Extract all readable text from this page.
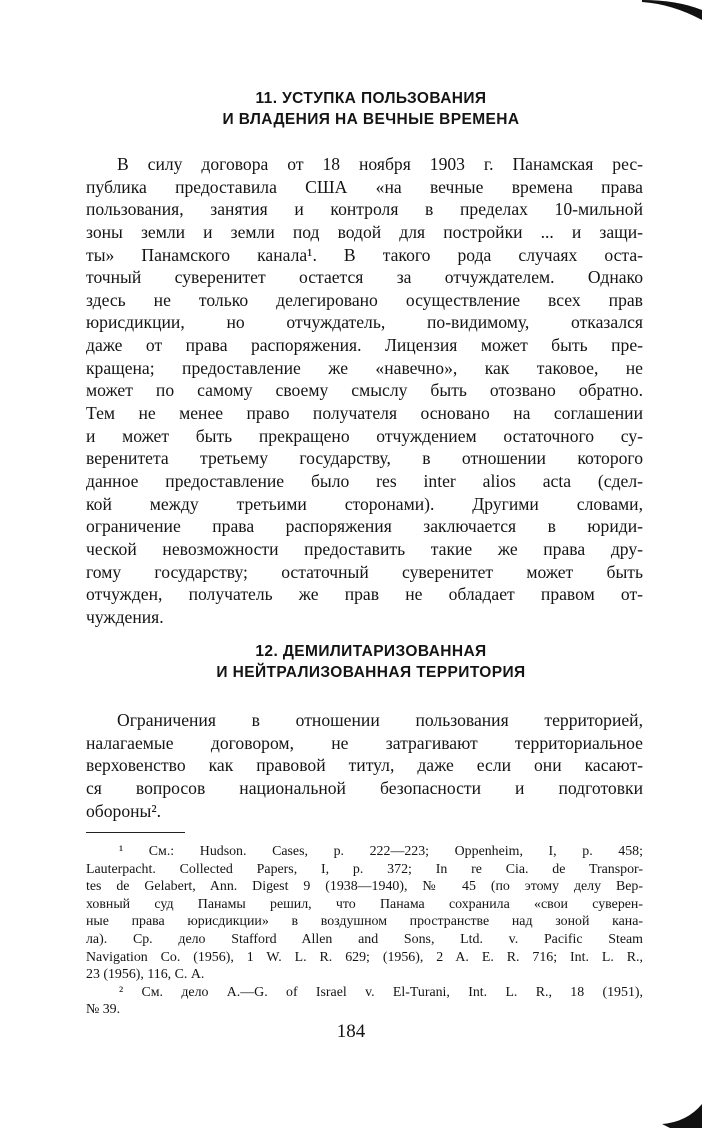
11. УСТУПКА ПОЛЬЗОВАНИЯ
И ВЛАДЕНИЯ НА ВЕЧНЫЕ ВРЕМЕНА
В силу договора от 18 ноября 1903 г. Панамская рес-
публика предоставила США «на вечные времена права
пользования, занятия и контроля в пределах 10-мильной
зоны земли и земли под водой для постройки ... и защи-
ты» Панамского канала¹. В такого рода случаях оста-
точный суверенитет остается за отчуждателем. Однако
здесь не только делегировано осуществление всех прав
юрисдикции, но отчуждатель, по-видимому, отказался
даже от права распоряжения. Лицензия может быть пре-
кращена; предоставление же «навечно», как таковое, не
может по самому своему смыслу быть отозвано обратно.
Тем не менее право получателя основано на соглашении
и может быть прекращено отчуждением остаточного су-
веренитета третьему государству, в отношении которого
данное предоставление было res inter alios acta (сдел-
кой между третьими сторонами). Другими словами,
ограничение права распоряжения заключается в юриди-
ческой невозможности предоставить такие же права дру-
гому государству; остаточный суверенитет может быть
отчужден, получатель же прав не обладает правом от-
чуждения.
12. ДЕМИЛИТАРИЗОВАННАЯ
И НЕЙТРАЛИЗОВАННАЯ ТЕРРИТОРИЯ
Ограничения в отношении пользования территорией,
налагаемые договором, не затрагивают территориальное
верховенство как правовой титул, даже если они касают-
ся вопросов национальной безопасности и подготовки
обороны².
¹ См.: Hudson. Cases, p. 222—223; Oppenheim, I, p. 458;
Lauterpacht. Collected Papers, I, p. 372; In re Cia. de Transpor-
tes de Gelabert, Ann. Digest 9 (1938—1940), № 45 (по этому делу Вер-
ховный суд Панамы решил, что Панама сохранила «свои суверен-
ные права юрисдикции» в воздушном пространстве над зоной кана-
ла). Ср. дело Stafford Allen and Sons, Ltd. v. Pacific Steam
Navigation Co. (1956), 1 W. L. R. 629; (1956), 2 A. E. R. 716; Int. L. R.,
23 (1956), 116, С. А.
² См. дело A.—G. of Israel v. El-Turani, Int. L. R., 18 (1951),
№ 39.
184
